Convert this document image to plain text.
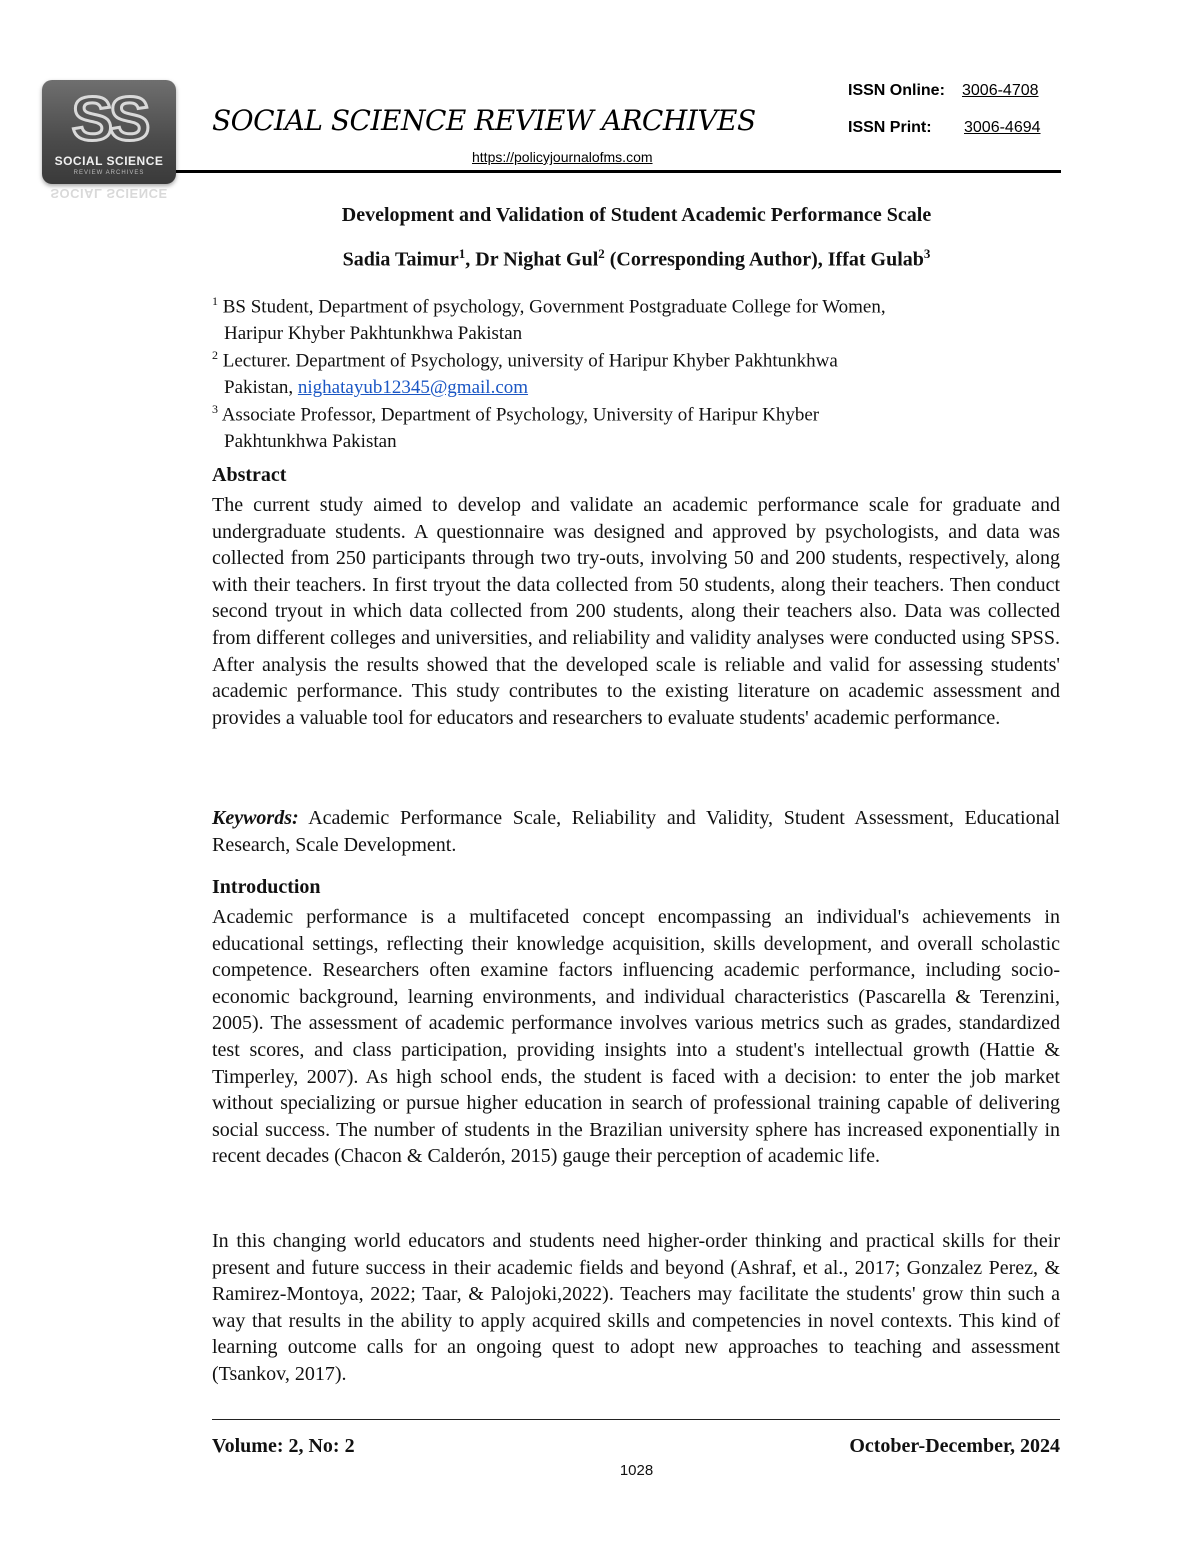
SS
SOCIAL SCIENCE
REVIEW ARCHIVES
SOCIAL SCIENCE
SOCIAL SCIENCE REVIEW ARCHIVES
ISSN Online: 3006-4708
ISSN Print: 3006-4694
https://policyjournalofms.com
Development and Validation of Student Academic Performance Scale
Sadia Taimur$^1$, Dr Nighat Gul$^2$ (Corresponding Author), Iffat Gulab$^3$
$^1$ BS Student, Department of psychology, Government Postgraduate College for Women,
Haripur Khyber Pakhtunkhwa Pakistan
$^2$ Lecturer. Department of Psychology, university of Haripur Khyber Pakhtunkhwa
Pakistan, nighatayub12345@gmail.com
$^3$ Associate Professor, Department of Psychology, University of Haripur Khyber
Pakhtunkhwa Pakistan
Abstract
The current study aimed to develop and validate an academic performance scale for graduate and undergraduate students. A questionnaire was designed and approved by psychologists, and data was collected from 250 participants through two try-outs, involving 50 and 200 students, respectively, along with their teachers. In first tryout the data collected from 50 students, along their teachers. Then conduct second tryout in which data collected from 200 students, along their teachers also. Data was collected from different colleges and universities, and reliability and validity analyses were conducted using SPSS. After analysis the results showed that the developed scale is reliable and valid for assessing students' academic performance. This study contributes to the existing literature on academic assessment and provides a valuable tool for educators and researchers to evaluate students' academic performance.
Keywords: Academic Performance Scale, Reliability and Validity, Student Assessment, Educational Research, Scale Development.
Introduction
Academic performance is a multifaceted concept encompassing an individual's achievements in educational settings, reflecting their knowledge acquisition, skills development, and overall scholastic competence. Researchers often examine factors influencing academic performance, including socio-economic background, learning environments, and individual characteristics (Pascarella & Terenzini, 2005). The assessment of academic performance involves various metrics such as grades, standardized test scores, and class participation, providing insights into a student's intellectual growth (Hattie & Timperley, 2007). As high school ends, the student is faced with a decision: to enter the job market without specializing or pursue higher education in search of professional training capable of delivering social success. The number of students in the Brazilian university sphere has increased exponentially in recent decades (Chacon & Calderón, 2015) gauge their perception of academic life.
In this changing world educators and students need higher-order thinking and practical skills for their present and future success in their academic fields and beyond (Ashraf, et al., 2017; Gonzalez Perez, & Ramirez-Montoya, 2022; Taar, & Palojoki,2022). Teachers may facilitate the students' grow thin such a way that results in the ability to apply acquired skills and competencies in novel contexts. This kind of learning outcome calls for an ongoing quest to adopt new approaches to teaching and assessment (Tsankov, 2017).
Volume: 2, No: 2	October-December, 2024
1028
